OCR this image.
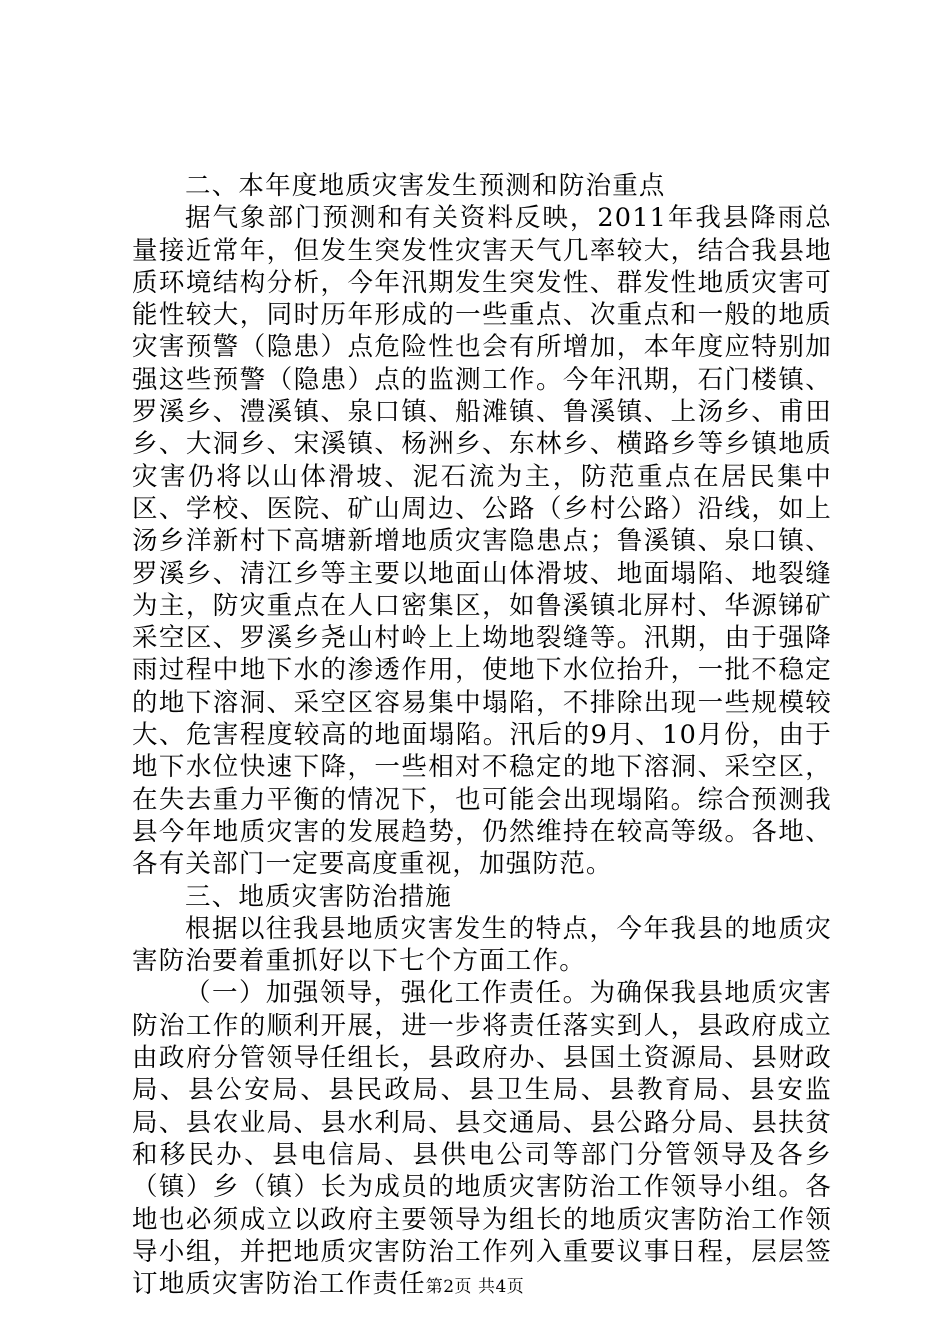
二、本年度地质灾害发生预测和防治重点

据气象部门预测和有关资料反映，2011年我县降雨总量接近常年，但发生突发性灾害天气几率较大，结合我县地质环境结构分析，今年汛期发生突发性、群发性地质灾害可能性较大，同时历年形成的一些重点、次重点和一般的地质灾害预警（隐患）点危险性也会有所增加，本年度应特别加强这些预警（隐患）点的监测工作。今年汛期，石门楼镇、罗溪乡、澧溪镇、泉口镇、船滩镇、鲁溪镇、上汤乡、甫田乡、大洞乡、宋溪镇、杨洲乡、东林乡、横路乡等乡镇地质灾害仍将以山体滑坡、泥石流为主，防范重点在居民集中区、学校、医院、矿山周边、公路（乡村公路）沿线，如上汤乡洋新村下高塘新增地质灾害隐患点；鲁溪镇、泉口镇、罗溪乡、清江乡等主要以地面山体滑坡、地面塌陷、地裂缝为主，防灾重点在人口密集区，如鲁溪镇北屏村、华源锑矿采空区、罗溪乡尧山村岭上上坳地裂缝等。汛期，由于强降雨过程中地下水的渗透作用，使地下水位抬升，一批不稳定的地下溶洞、采空区容易集中塌陷，不排除出现一些规模较大、危害程度较高的地面塌陷。汛后的9月、10月份，由于地下水位快速下降，一些相对不稳定的地下溶洞、采空区，在失去重力平衡的情况下，也可能会出现塌陷。综合预测我县今年地质灾害的发展趋势，仍然维持在较高等级。各地、各有关部门一定要高度重视，加强防范。

三、地质灾害防治措施

根据以往我县地质灾害发生的特点，今年我县的地质灾害防治要着重抓好以下七个方面工作。

（一）加强领导，强化工作责任。为确保我县地质灾害防治工作的顺利开展，进一步将责任落实到人，县政府成立由政府分管领导任组长，县政府办、县国土资源局、县财政局、县公安局、县民政局、县卫生局、县教育局、县安监局、县农业局、县水利局、县交通局、县公路分局、县扶贫和移民办、县电信局、县供电公司等部门分管领导及各乡（镇）乡（镇）长为成员的地质灾害防治工作领导小组。各地也必须成立以政府主要领导为组长的地质灾害防治工作领导小组，并把地质灾害防治工作列入重要议事日程，层层签订地质灾害防治工作责任 第2页 共4页
